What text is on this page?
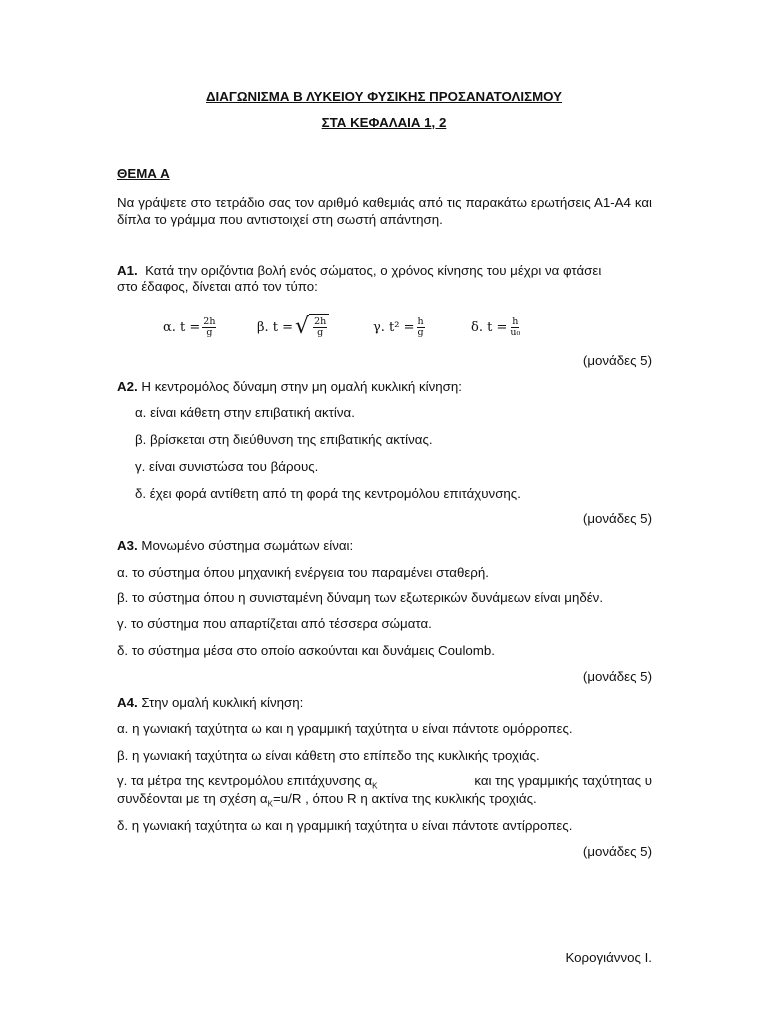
ΔΙΑΓΩΝΙΣΜΑ Β ΛΥΚΕΙΟΥ ΦΥΣΙΚΗΣ ΠΡΟΣΑΝΑΤΟΛΙΣΜΟΥ
ΣΤΑ ΚΕΦΑΛΑΙΑ 1, 2
ΘΕΜΑ Α
Να γράψετε στο τετράδιο σας τον αριθμό καθεμιάς από τις παρακάτω ερωτήσεις Α1-Α4 και δίπλα το γράμμα που αντιστοιχεί στη σωστή απάντηση.
Α1. Κατά την οριζόντια βολή ενός σώματος, ο χρόνος κίνησης του μέχρι να φτάσει
στο έδαφος, δίνεται από τον τύπο:
α. $t = \frac{2h}{g}$	β. t = √ $\frac{2h}{g}$	γ. $t^2 = \frac{h}{g}$	δ. $t = \frac{h}{\text{u₀}}$
(μονάδες 5)
Α2. Η κεντρομόλος δύναμη στην μη ομαλή κυκλική κίνηση:
α. είναι κάθετη στην επιβατική ακτίνα.
β. βρίσκεται στη διεύθυνση της επιβατικής ακτίνας.
γ. είναι συνιστώσα του βάρους.
δ. έχει φορά αντίθετη από τη φορά της κεντρομόλου επιτάχυνσης.
(μονάδες 5)
Α3. Μονωμένο σύστημα σωμάτων είναι:
α. το σύστημα όπου μηχανική ενέργεια του παραμένει σταθερή.
β. το σύστημα όπου η συνισταμένη δύναμη των εξωτερικών δυνάμεων είναι μηδέν.
γ. το σύστημα που απαρτίζεται από τέσσερα σώματα.
δ. το σύστημα μέσα στο οποίο ασκούνται και δυνάμεις Coulomb.
(μονάδες 5)
Α4. Στην ομαλή κυκλική κίνηση:
α. η γωνιακή ταχύτητα ω και η γραμμική ταχύτητα υ είναι πάντοτε ομόρροπες.
β. η γωνιακή ταχύτητα ω είναι κάθετη στο επίπεδο της κυκλικής τροχιάς.
γ. τα μέτρα της κεντρομόλου επιτάχυνσης $\alpha_K$	και της γραμμικής ταχύτητας υ
συνδέονται με τη σχέση $\alpha_K=u/R$ , όπου R η ακτίνα της κυκλικής τροχιάς.
δ. η γωνιακή ταχύτητα ω και η γραμμική ταχύτητα υ είναι πάντοτε αντίρροπες.
(μονάδες 5)
Κορογιάννος Ι.
